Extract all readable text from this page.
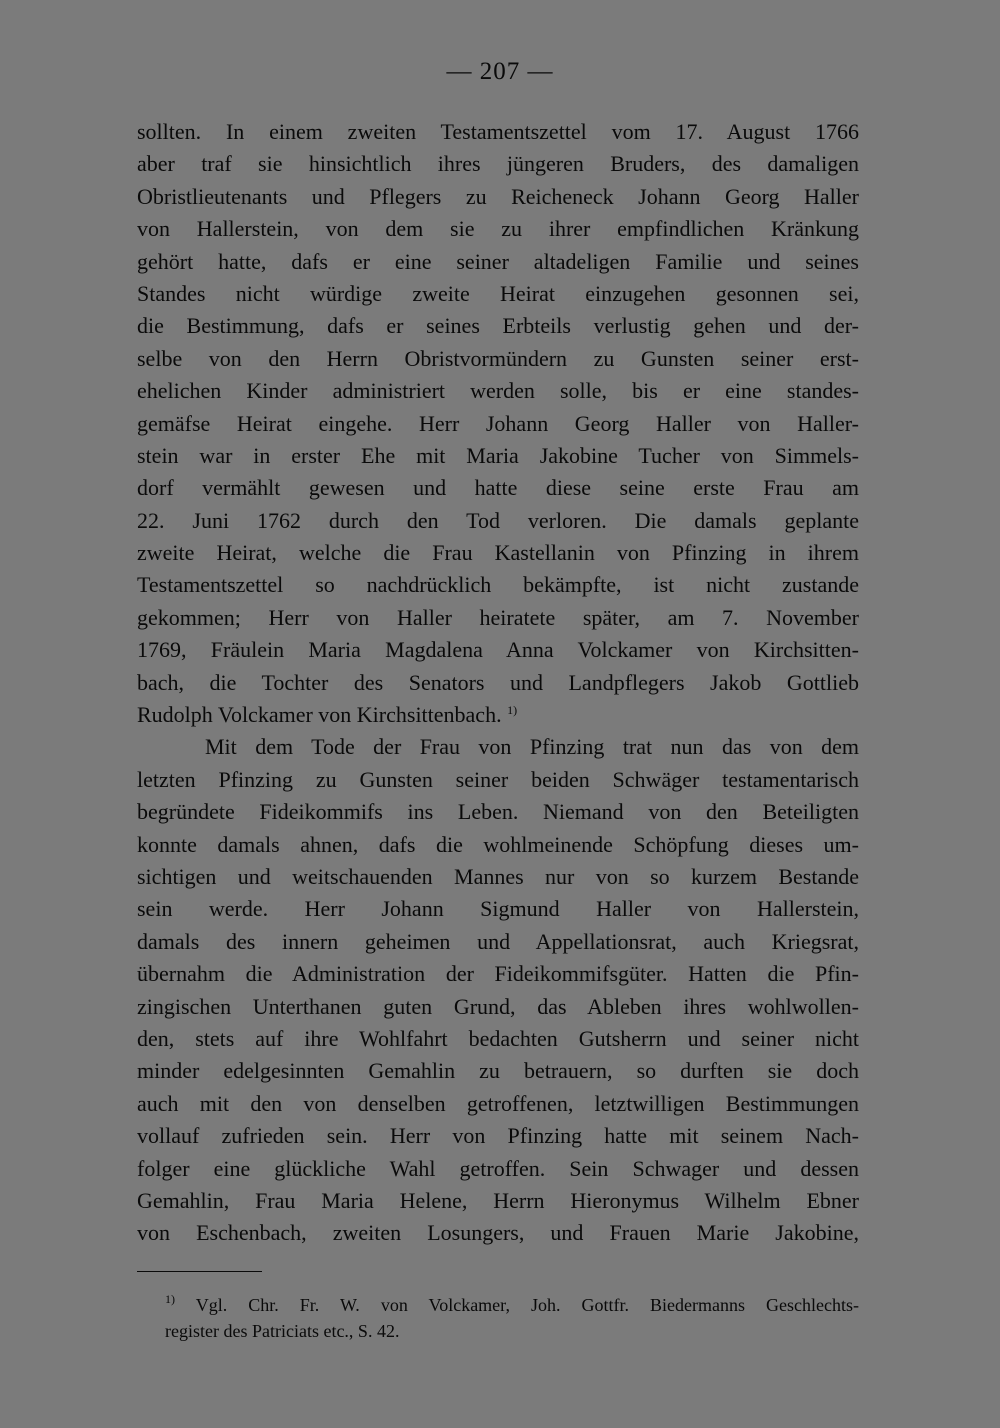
— 207 —
sollten. In einem zweiten Testamentszettel vom 17. August 1766
aber traf sie hinsichtlich ihres jüngeren Bruders, des damaligen
Obristlieutenants und Pflegers zu Reicheneck Johann Georg Haller
von Hallerstein, von dem sie zu ihrer empfindlichen Kränkung
gehört hatte, dafs er eine seiner altadeligen Familie und seines
Standes nicht würdige zweite Heirat einzugehen gesonnen sei,
die Bestimmung, dafs er seines Erbteils verlustig gehen und der-
selbe von den Herrn Obristvormündern zu Gunsten seiner erst-
ehelichen Kinder administriert werden solle, bis er eine standes-
gemäfse Heirat eingehe. Herr Johann Georg Haller von Haller-
stein war in erster Ehe mit Maria Jakobine Tucher von Simmels-
dorf vermählt gewesen und hatte diese seine erste Frau am
22. Juni 1762 durch den Tod verloren. Die damals geplante
zweite Heirat, welche die Frau Kastellanin von Pfinzing in ihrem
Testamentszettel so nachdrücklich bekämpfte, ist nicht zustande
gekommen; Herr von Haller heiratete später, am 7. November
1769, Fräulein Maria Magdalena Anna Volckamer von Kirchsitten-
bach, die Tochter des Senators und Landpflegers Jakob Gottlieb
Rudolph Volckamer von Kirchsittenbach. $^{1)}$
Mit dem Tode der Frau von Pfinzing trat nun das von dem
letzten Pfinzing zu Gunsten seiner beiden Schwäger testamentarisch
begründete Fideikommifs ins Leben. Niemand von den Beteiligten
konnte damals ahnen, dafs die wohlmeinende Schöpfung dieses um-
sichtigen und weitschauenden Mannes nur von so kurzem Bestande
sein werde. Herr Johann Sigmund Haller von Hallerstein,
damals des innern geheimen und Appellationsrat, auch Kriegsrat,
übernahm die Administration der Fideikommifsgüter. Hatten die Pfin-
zingischen Unterthanen guten Grund, das Ableben ihres wohlwollen-
den, stets auf ihre Wohlfahrt bedachten Gutsherrn und seiner nicht
minder edelgesinnten Gemahlin zu betrauern, so durften sie doch
auch mit den von denselben getroffenen, letztwilligen Bestimmungen
vollauf zufrieden sein. Herr von Pfinzing hatte mit seinem Nach-
folger eine glückliche Wahl getroffen. Sein Schwager und dessen
Gemahlin, Frau Maria Helene, Herrn Hieronymus Wilhelm Ebner
von Eschenbach, zweiten Losungers, und Frauen Marie Jakobine,
$^{1)}$ Vgl. Chr. Fr. W. von Volckamer, Joh. Gottfr. Biedermanns Geschlechts-
register des Patriciats etc., S. 42.
